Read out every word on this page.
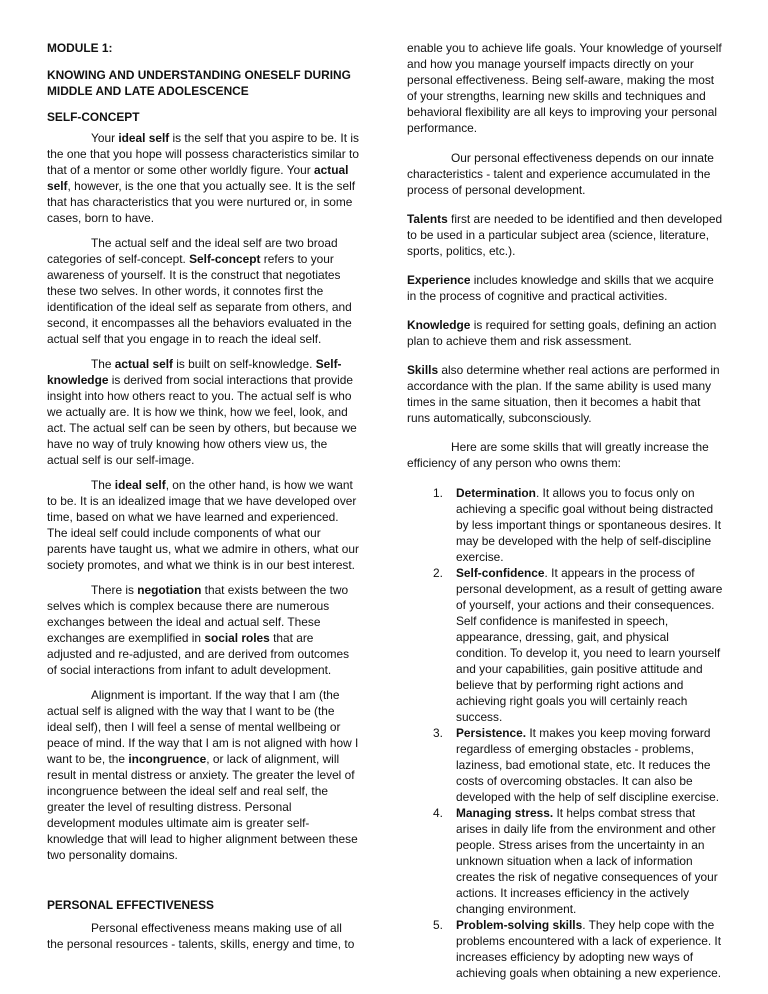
MODULE 1:
KNOWING AND UNDERSTANDING ONESELF DURING MIDDLE AND LATE ADOLESCENCE
SELF-CONCEPT

Your ideal self is the self that you aspire to be. It is the one that you hope will possess characteristics similar to that of a mentor or some other worldly figure. Your actual self, however, is the one that you actually see. It is the self that has characteristics that you were nurtured or, in some cases, born to have.

The actual self and the ideal self are two broad categories of self-concept. Self-concept refers to your awareness of yourself. It is the construct that negotiates these two selves. In other words, it connotes first the identification of the ideal self as separate from others, and second, it encompasses all the behaviors evaluated in the actual self that you engage in to reach the ideal self.

The actual self is built on self-knowledge. Self-knowledge is derived from social interactions that provide insight into how others react to you. The actual self is who we actually are. It is how we think, how we feel, look, and act. The actual self can be seen by others, but because we have no way of truly knowing how others view us, the actual self is our self-image.

The ideal self, on the other hand, is how we want to be. It is an idealized image that we have developed over time, based on what we have learned and experienced. The ideal self could include components of what our parents have taught us, what we admire in others, what our society promotes, and what we think is in our best interest.

There is negotiation that exists between the two selves which is complex because there are numerous exchanges between the ideal and actual self. These exchanges are exemplified in social roles that are adjusted and re-adjusted, and are derived from outcomes of social interactions from infant to adult development.

Alignment is important. If the way that I am (the actual self is aligned with the way that I want to be (the ideal self), then I will feel a sense of mental wellbeing or peace of mind. If the way that I am is not aligned with how I want to be, the incongruence, or lack of alignment, will result in mental distress or anxiety. The greater the level of incongruence between the ideal self and real self, the greater the level of resulting distress. Personal development modules ultimate aim is greater self-knowledge that will lead to higher alignment between these two personality domains.

PERSONAL EFFECTIVENESS

Personal effectiveness means making use of all the personal resources - talents, skills, energy and time, to

enable you to achieve life goals. Your knowledge of yourself and how you manage yourself impacts directly on your personal effectiveness. Being self-aware, making the most of your strengths, learning new skills and techniques and behavioral flexibility are all keys to improving your personal performance.

Our personal effectiveness depends on our innate characteristics - talent and experience accumulated in the process of personal development.

Talents first are needed to be identified and then developed to be used in a particular subject area (science, literature, sports, politics, etc.).

Experience includes knowledge and skills that we acquire in the process of cognitive and practical activities.

Knowledge is required for setting goals, defining an action plan to achieve them and risk assessment.

Skills also determine whether real actions are performed in accordance with the plan. If the same ability is used many times in the same situation, then it becomes a habit that runs automatically, subconsciously.

Here are some skills that will greatly increase the efficiency of any person who owns them:

1. Determination. It allows you to focus only on achieving a specific goal without being distracted by less important things or spontaneous desires. It may be developed with the help of self-discipline exercise.
2. Self-confidence. It appears in the process of personal development, as a result of getting aware of yourself, your actions and their consequences. Self confidence is manifested in speech, appearance, dressing, gait, and physical condition. To develop it, you need to learn yourself and your capabilities, gain positive attitude and believe that by performing right actions and achieving right goals you will certainly reach success.
3. Persistence. It makes you keep moving forward regardless of emerging obstacles - problems, laziness, bad emotional state, etc. It reduces the costs of overcoming obstacles. It can also be developed with the help of self discipline exercise.
4. Managing stress. It helps combat stress that arises in daily life from the environment and other people. Stress arises from the uncertainty in an unknown situation when a lack of information creates the risk of negative consequences of your actions. It increases efficiency in the actively changing environment.
5. Problem-solving skills. They help cope with the problems encountered with a lack of experience. It increases efficiency by adopting new ways of achieving goals when obtaining a new experience.
